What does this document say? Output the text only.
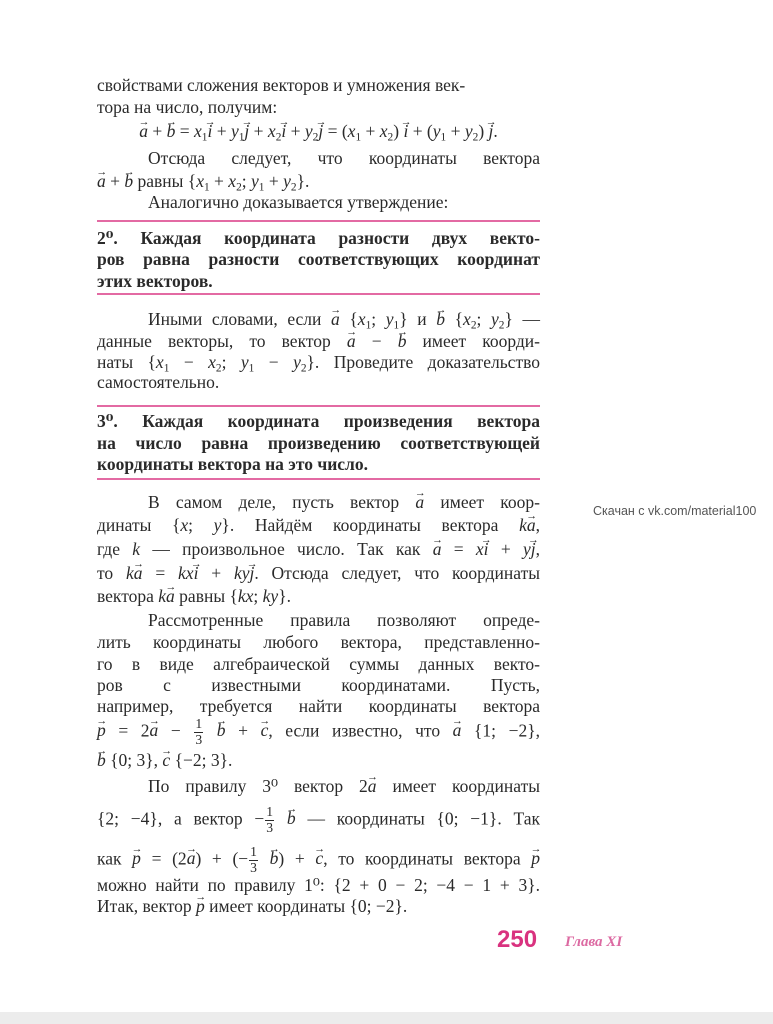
свойствами сложения векторов и умножения век-
тора на число, получим:
a → + b → = $x_1i$ → + $y_1j$ → + $x_2i$ → + $y_2j$ → = $(x_1 + x_2) i$ → + $(y_1 + y_2)$ j →.
Отсюда следует, что координаты вектора
a → + b → равны {$x_1 + x_2$; $y_1 + y_2$}.
Аналогично доказывается утверждение:
2⁰. Каждая координата разности двух векто-
ров равна разности соответствующих координат
этих векторов.
Иными словами, если $a \to \{x_1$; $y_1$} и $b \to \{x_2$; $y_2$} —
данные векторы, то вектор a → − b → имеет коорди-
наты {$x_1 - x_2$; $y_1 - y_2$}. Проведите доказательство
самостоятельно.
3⁰. Каждая координата произведения вектора
на число равна произведению соответствующей
координаты вектора на это число.
В самом деле, пусть вектор a → имеет коор-
динаты {x; y}. Найдём координаты вектора ka →,
где k — произвольное число. Так как a → = xi → + yj →,
то ka → = kxi → + kyj →. Отсюда следует, что координаты
вектора ka → равны {kx; ky}.
Рассмотренные правила позволяют опреде-
лить координаты любого вектора, представленно-
го в виде алгебраической суммы данных векто-
ров с известными координатами. Пусть,
например, требуется найти координаты вектора
p → = 2a → − $\frac{1}{3}$ b → + c →, если известно, что a → {1; −2},
b → {0; 3}, c → {−2; 3}.
По правилу 3⁰ вектор 2a → имеет координаты
{2; −4}, а вектор − $\frac{1}{3}$ b → — координаты {0; −1}. Так
как p → = (2a →) + (− $\frac{1}{3}$ b →) + c →, то координаты вектора p →
можно найти по правилу 1⁰: {2 + 0 − 2; −4 − 1 + 3}.
Итак, вектор p → имеет координаты {0; −2}.
Скачан с vk.com/material100
250 Глава XI
